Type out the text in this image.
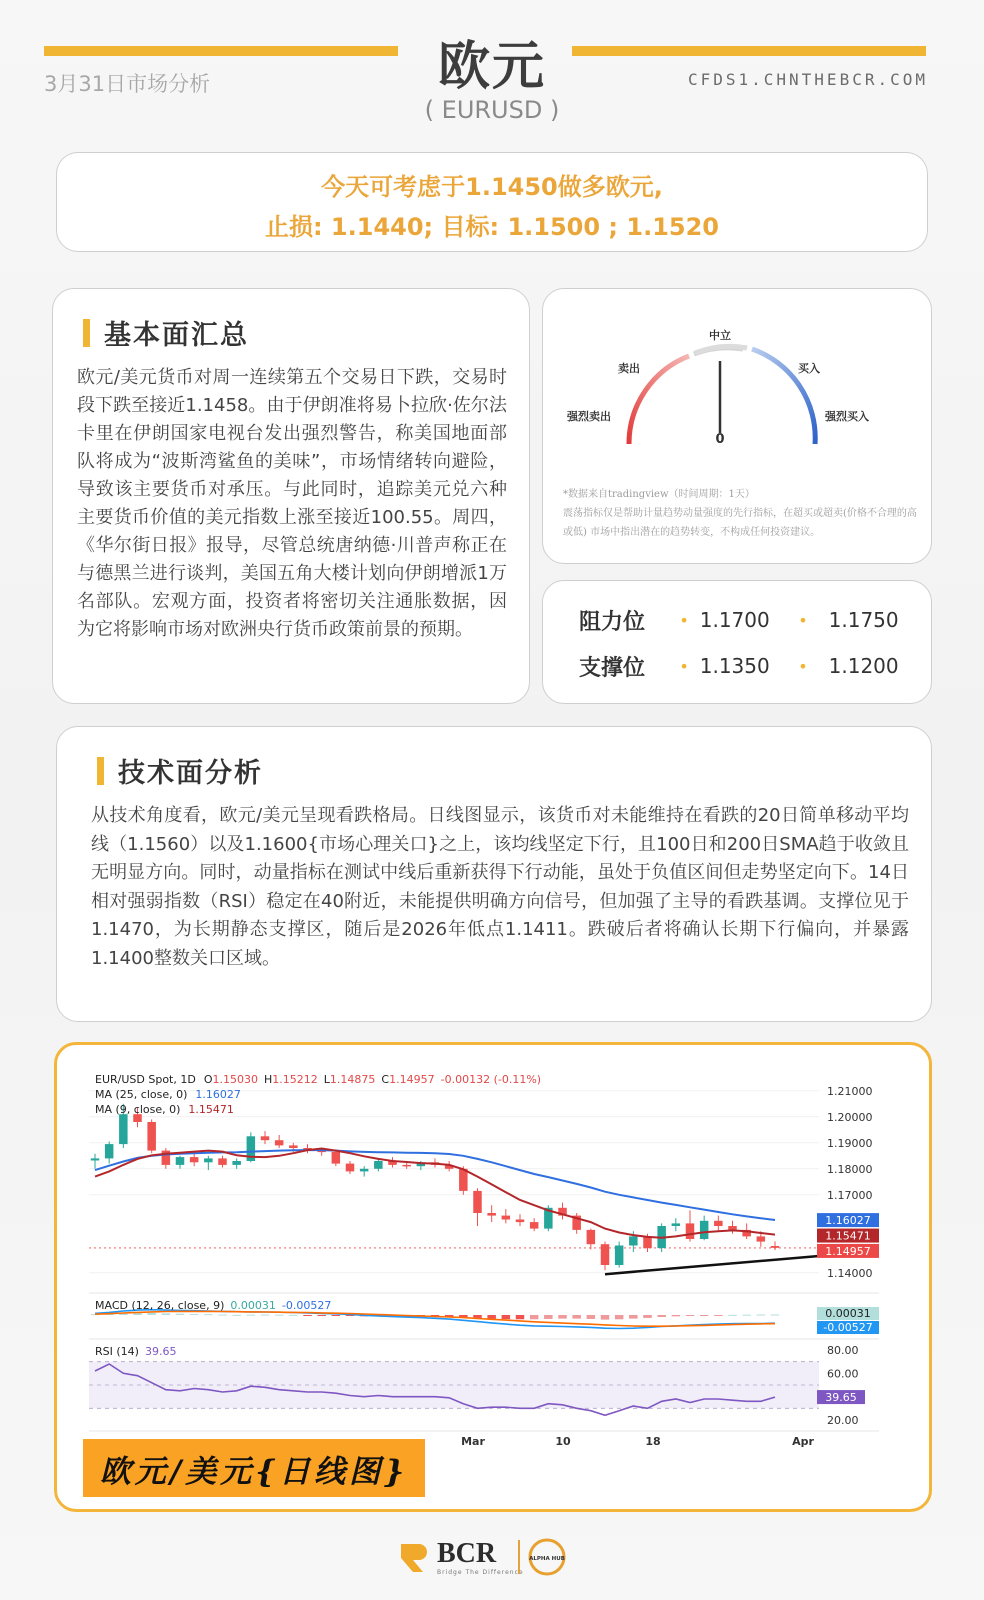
欧元
( EURUSD )
3月31日市场分析	CFDS1.CHNTHEBCR.COM
今天可考虑于1.1450做多欧元,
止损: 1.1440; 目标: 1.1500 ; 1.1520
基本面汇总

欧元/美元货币对周一连续第五个交易日下跌，交易时段下跌至接近1.1458。由于伊朗准将易卜拉欣·佐尔法卡里在伊朗国家电视台发出强烈警告，称美国地面部队将成为“波斯湾鲨鱼的美味”，市场情绪转向避险，导致该主要货币对承压。与此同时，追踪美元兑六种主要货币价值的美元指数上涨至接近100.55。周四，《华尔街日报》报导，尽管总统唐纳德·川普声称正在与德黑兰进行谈判，美国五角大楼计划向伊朗增派1万名部队。宏观方面，投资者将密切关注通胀数据，因为它将影响市场对欧洲央行货币政策前景的预期。

中立
卖出	买入
强烈卖出	强烈买入
0
*数据来自tradingview（时间周期：1天）
震荡指标仅是帮助计量趋势动量强度的先行指标，在超买或超卖(价格不合理的高或低) 市场中指出潜在的趋势转变，不构成任何投资建议。
阻力位	• 1.1700	•	1.1750
支撑位	• 1.1350	•	1.1200
技术面分析

从技术角度看，欧元/美元呈现看跌格局。日线图显示，该货币对未能维持在看跌的20日简单移动平均线（1.1560）以及1.1600{市场心理关口}之上，该均线坚定下行，且100日和200日SMA趋于收敛且无明显方向。同时，动量指标在测试中线后重新获得下行动能，虽处于负值区间但走势坚定向下。14日相对强弱指数（RSI）稳定在40附近，未能提供明确方向信号，但加强了主导的看跌基调。支撑位见于1.1470，为长期静态支撑区，随后是2026年低点1.1411。跌破后者将确认长期下行偏向，并暴露1.1400整数关口区域。

1.21000
1.20000
1.19000
1.18000
1.17000
1.14000
1.16027
1.15471
1.14957
0.00031
-0.00527
80.00
60.00
20.00
39.65
Mar	10	18	Apr
EUR/USD Spot, 1D O1.15030 H1.15212 L1.14875 C1.14957 -0.00132 (-0.11%)
MA (25, close, 0) 1.16027
MA (9, close, 0) 1.15471
MACD (12, 26, close, 9) 0.00031 -0.00527
RSI (14) 39.65
欧元/美元{日线图}
BCR
Bridge The Difference
ALPHA HUB
